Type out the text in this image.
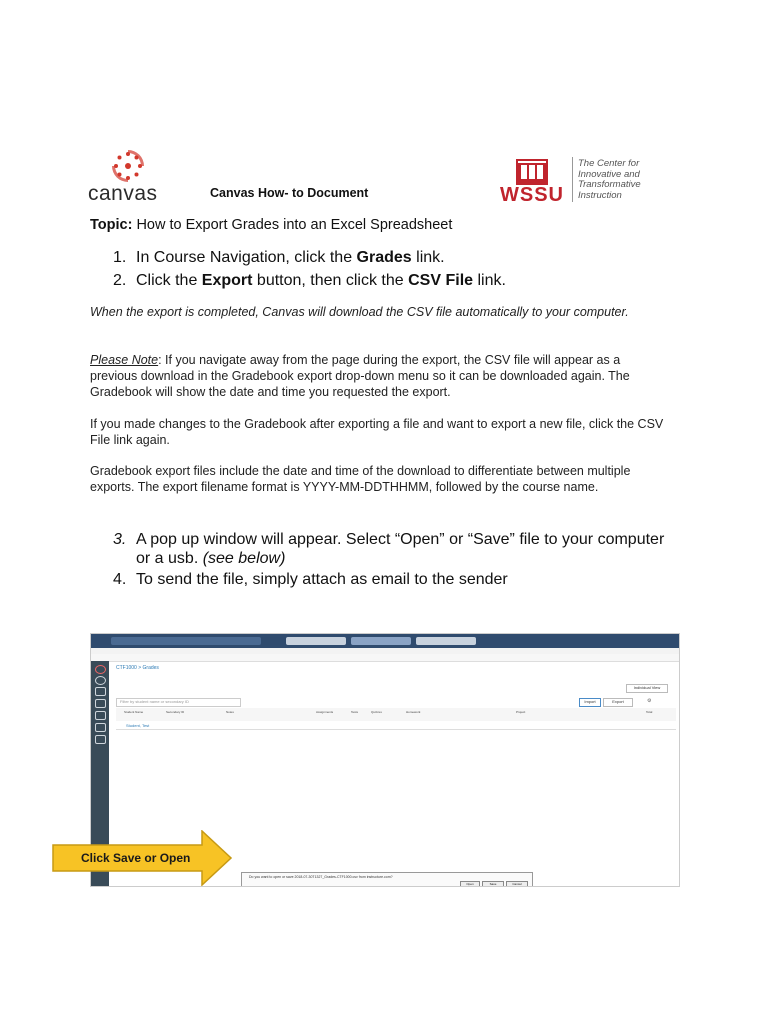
canvas	Canvas How- to Document	WSSU
The Center for
Innovative and
Transformative
Instruction
Topic: How to Export Grades into an Excel Spreadsheet
1. In Course Navigation, click the Grades link.
2. Click the Export button, then click the CSV File link.
When the export is completed, Canvas will download the CSV file automatically to your computer.
Please Note: If you navigate away from the page during the export, the CSV file will appear as a previous download in the Gradebook export drop-down menu so it can be downloaded again. The Gradebook will show the date and time you requested the export.
If you made changes to the Gradebook after exporting a file and want to export a new file, click the CSV File link again.
Gradebook export files include the date and time of the download to differentiate between multiple exports. The export filename format is YYYY-MM-DDTHHMM, followed by the course name.
3. A pop up window will appear. Select “Open” or “Save” file to your computer or a usb. (see below)
4. To send the file, simply attach as email to the sender
CTF1000 > Grades
Individual View
Filter by student name or secondary ID	Import	Export	⚙
Student Name	Secondary ID	Notes	Assignments	Tests	Quizzes	Homework	Project	Total
Student, Test
Do you want to open or save 2018-07-30T1327_Grades-CTF1000.csv from instructure.com?
Open	Save	Cancel
Click Save or Open
